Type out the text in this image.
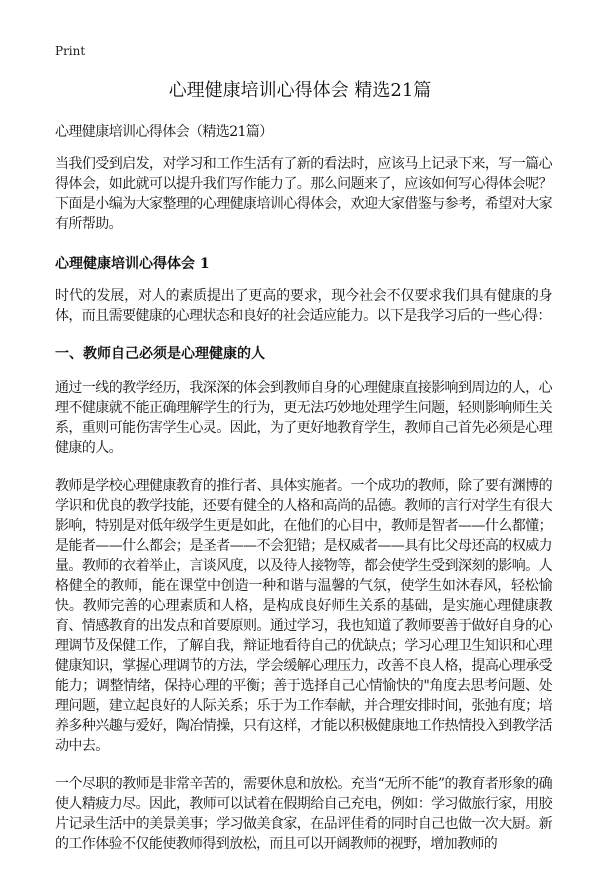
Print
心理健康培训心得体会 精选21篇

心理健康培训心得体会（精选21篇）

当我们受到启发，对学习和工作生活有了新的看法时，应该马上记录下来，写一篇心得体会，如此就可以提升我们写作能力了。那么问题来了，应该如何写心得体会呢？下面是小编为大家整理的心理健康培训心得体会，欢迎大家借鉴与参考，希望对大家有所帮助。

心理健康培训心得体会 1

时代的发展，对人的素质提出了更高的要求，现今社会不仅要求我们具有健康的身体，而且需要健康的心理状态和良好的社会适应能力。以下是我学习后的一些心得：

一、教师自己必须是心理健康的人

通过一线的教学经历，我深深的体会到教师自身的心理健康直接影响到周边的人，心理不健康就不能正确理解学生的行为，更无法巧妙地处理学生问题，轻则影响师生关系，重则可能伤害学生心灵。因此，为了更好地教育学生，教师自己首先必须是心理健康的人。

教师是学校心理健康教育的推行者、具体实施者。一个成功的教师，除了要有渊博的学识和优良的教学技能，还要有健全的人格和高尚的品德。教师的言行对学生有很大影响，特别是对低年级学生更是如此，在他们的心目中，教师是智者——什么都懂；是能者——什么都会；是圣者——不会犯错；是权威者——具有比父母还高的权威力量。教师的衣着举止，言谈风度，以及待人接物等，都会使学生受到深刻的影响。人格健全的教师，能在课堂中创造一种和谐与温馨的气氛，使学生如沐春风，轻松愉快。教师完善的心理素质和人格，是构成良好师生关系的基础，是实施心理健康教育、情感教育的出发点和首要原则。通过学习，我也知道了教师要善于做好自身的心理调节及保健工作，了解自我，辩证地看待自己的优缺点；学习心理卫生知识和心理健康知识，掌握心理调节的方法，学会缓解心理压力，改善不良人格，提高心理承受能力；调整情绪，保持心理的平衡；善于选择自己心情愉快的"角度去思考问题、处理问题，建立起良好的人际关系；乐于为工作奉献，并合理安排时间，张弛有度；培养多种兴趣与爱好，陶冶情操，只有这样，才能以积极健康地工作热情投入到教学活动中去。

一个尽职的教师是非常辛苦的，需要休息和放松。充当“无所不能”的教育者形象的确使人精疲力尽。因此，教师可以试着在假期给自己充电，例如：学习做旅行家，用胶片记录生活中的美景美事；学习做美食家，在品评佳肴的同时自己也做一次大厨。新的工作体验不仅能使教师得到放松，而且可以开阔教师的视野，增加教师的
